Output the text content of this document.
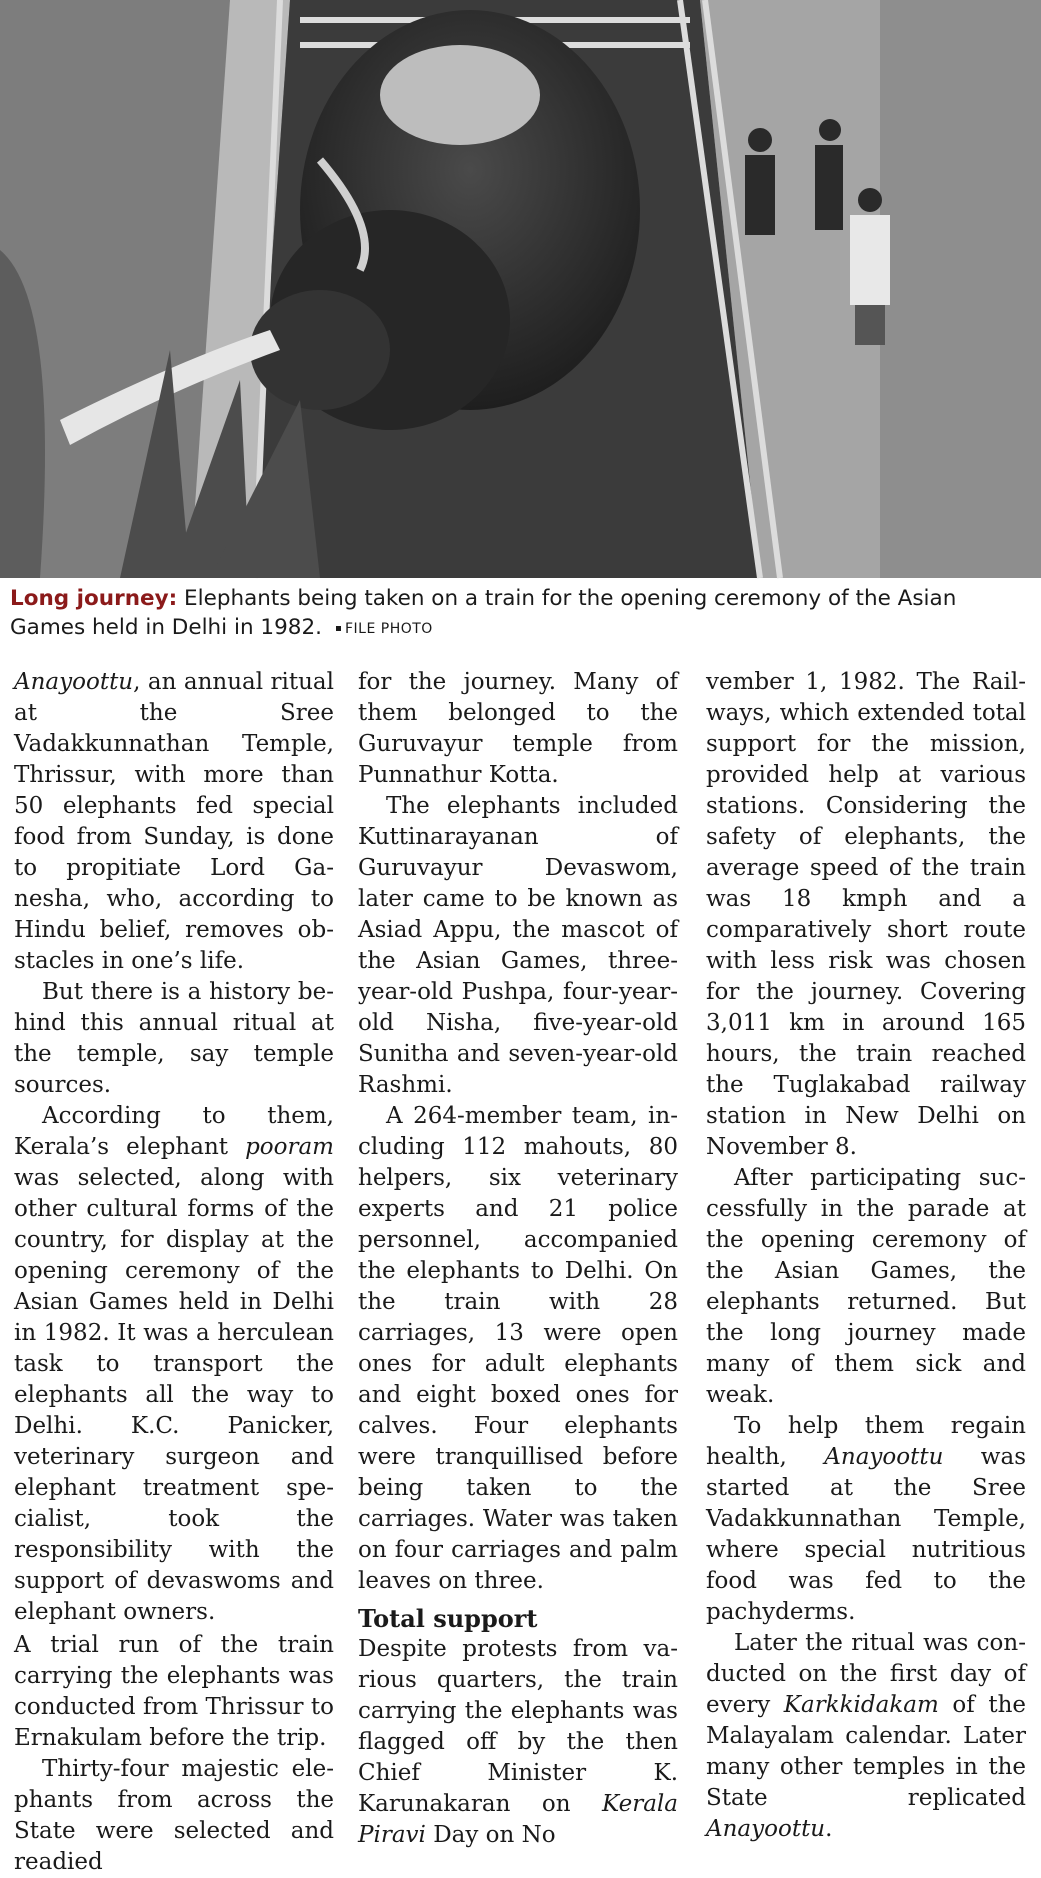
Long journey: Elephants being taken on a train for the opening ceremony of the Asian Games held in Delhi in 1982. FILE PHOTO

Anayoottu, an annual ritual at the Sree Vadakkunnathan Temple, Thrissur, with more than 50 elephants fed special food from Sunday, is done to propitiate Lord Ganesha, who, according to Hindu belief, removes obstacles in one’s life.

But there is a history behind this annual ritual at the temple, say temple sources.

According to them, Kerala’s elephant pooram was selected, along with other cultural forms of the country, for display at the opening ceremony of the Asian Games held in Delhi in 1982. It was a herculean task to transport the elephants all the way to Delhi. K.C. Panicker, veterinary surgeon and elephant treatment specialist, took the responsibility with the support of devaswoms and elephant owners.

A trial run of the train carrying the elephants was conducted from Thrissur to Ernakulam before the trip.

Thirty-four majestic elephants from across the State were selected and readied

for the journey. Many of them belonged to the Guruvayur temple from Punnathur Kotta.

The elephants included Kuttinarayanan of Guruvayur Devaswom, later came to be known as Asiad Appu, the mascot of the Asian Games, three-year-old Pushpa, four-year-old Nisha, five-year-old Sunitha and seven-year-old Rashmi.

A 264-member team, including 112 mahouts, 80 helpers, six veterinary experts and 21 police personnel, accompanied the elephants to Delhi. On the train with 28 carriages, 13 were open ones for adult elephants and eight boxed ones for calves. Four elephants were tranquillised before being taken to the carriages. Water was taken on four carriages and palm leaves on three.

Total support

Despite protests from various quarters, the train carrying the elephants was flagged off by the then Chief Minister K. Karunakaran on Kerala Piravi Day on No

vember 1, 1982. The Railways, which extended total support for the mission, provided help at various stations. Considering the safety of elephants, the average speed of the train was 18 kmph and a comparatively short route with less risk was chosen for the journey. Covering 3,011 km in around 165 hours, the train reached the Tuglakabad railway station in New Delhi on November 8.

After participating successfully in the parade at the opening ceremony of the Asian Games, the elephants returned. But the long journey made many of them sick and weak.

To help them regain health, Anayoottu was started at the Sree Vadakkunnathan Temple, where special nutritious food was fed to the pachyderms.

Later the ritual was conducted on the first day of every Karkkidakam of the Malayalam calendar. Later many other temples in the State replicated Anayoottu.
